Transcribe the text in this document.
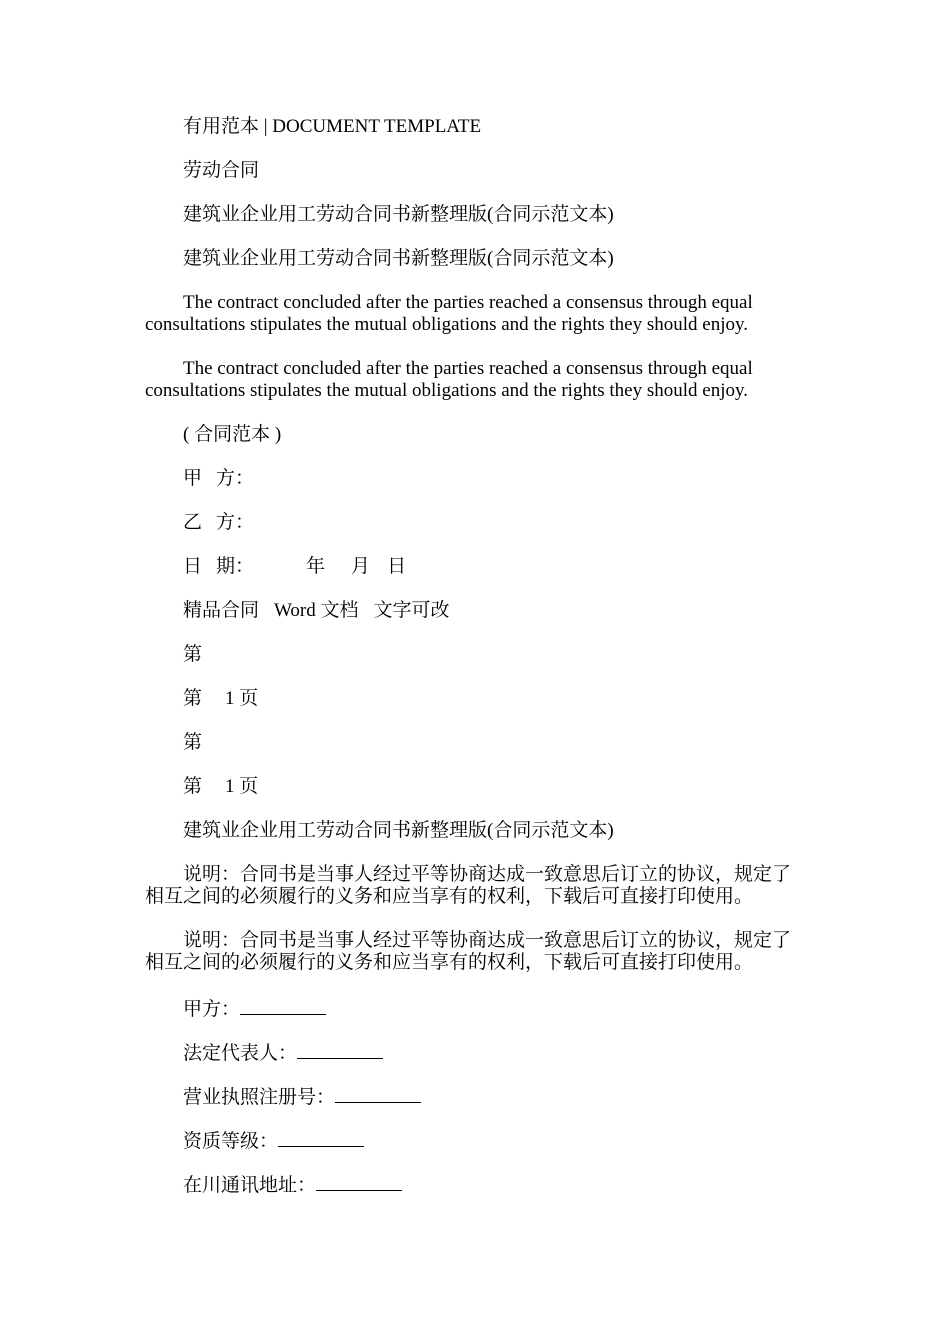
有用范本 | DOCUMENT TEMPLATE
劳动合同
建筑业企业用工劳动合同书新整理版(合同示范文本)
建筑业企业用工劳动合同书新整理版(合同示范文本)
The contract concluded after the parties reached a consensus through equal consultations stipulates the mutual obligations and the rights they should enjoy.
The contract concluded after the parties reached a consensus through equal consultations stipulates the mutual obligations and the rights they should enjoy.
( 合同范本 )
甲 方：
乙 方：
日 期：	年 月 日
精品合同 Word 文档 文字可改
第
第 1 页
第
第 1 页
建筑业企业用工劳动合同书新整理版(合同示范文本)
说明：合同书是当事人经过平等协商达成一致意思后订立的协议，规定了相互之间的必须履行的义务和应当享有的权利，下载后可直接打印使用。
说明：合同书是当事人经过平等协商达成一致意思后订立的协议，规定了相互之间的必须履行的义务和应当享有的权利，下载后可直接打印使用。
甲方：
法定代表人：
营业执照注册号：
资质等级：
在川通讯地址：
